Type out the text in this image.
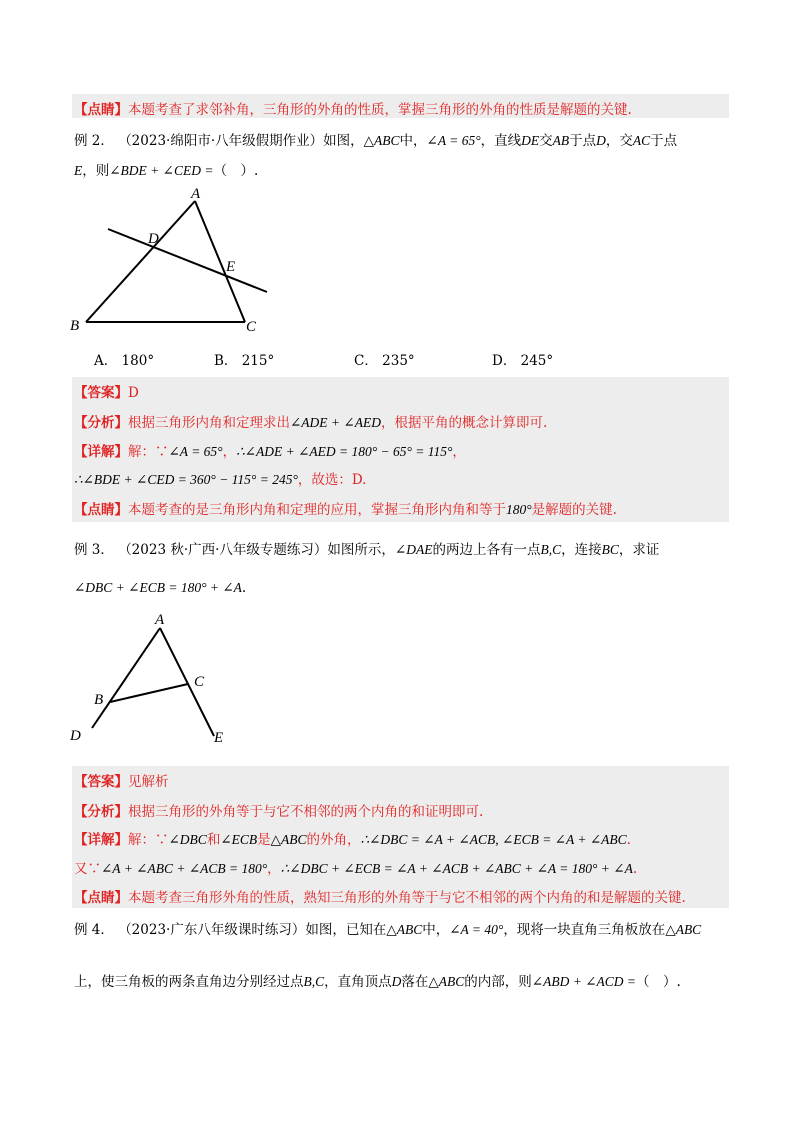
【点睛】本题考查了求邻补角，三角形的外角的性质，掌握三角形的外角的性质是解题的关键.
例 2． （2023·绵阳市·八年级假期作业）如图，△ABC中，∠A = 65°，直线DE交AB于点D，交AC于点
E，则∠BDE + ∠CED =（　）.
A
B	C
D
E
A． 180°	B． 215°	C． 235°	D． 245°
【答案】D
【分析】根据三角形内角和定理求出∠ADE + ∠AED，根据平角的概念计算即可.
【详解】解：∵∠A = 65°，∴∠ADE + ∠AED = 180° − 65° = 115°，
∴∠BDE + ∠CED = 360° − 115° = 245°，故选：D.
【点睛】本题考查的是三角形内角和定理的应用，掌握三角形内角和等于180°是解题的关键.
例 3． （2023 秋·广西·八年级专题练习）如图所示，∠DAE的两边上各有一点B,C，连接BC，求证
∠DBC + ∠ECB = 180° + ∠A.
A
B
C
D	E
【答案】见解析
【分析】根据三角形的外角等于与它不相邻的两个内角的和证明即可.
【详解】解：∵∠DBC和∠ECB是△ABC的外角，∴∠DBC = ∠A + ∠ACB, ∠ECB = ∠A + ∠ABC.
又∵∠A + ∠ABC + ∠ACB = 180°，∴∠DBC + ∠ECB = ∠A + ∠ACB + ∠ABC + ∠A = 180° + ∠A.
【点睛】本题考查三角形外角的性质，熟知三角形的外角等于与它不相邻的两个内角的和是解题的关键.
例 4． （2023·广东八年级课时练习）如图，已知在△ABC中，∠A = 40°，现将一块直角三角板放在△ABC
上，使三角板的两条直角边分别经过点B,C，直角顶点D落在△ABC的内部，则∠ABD + ∠ACD =（　）.
